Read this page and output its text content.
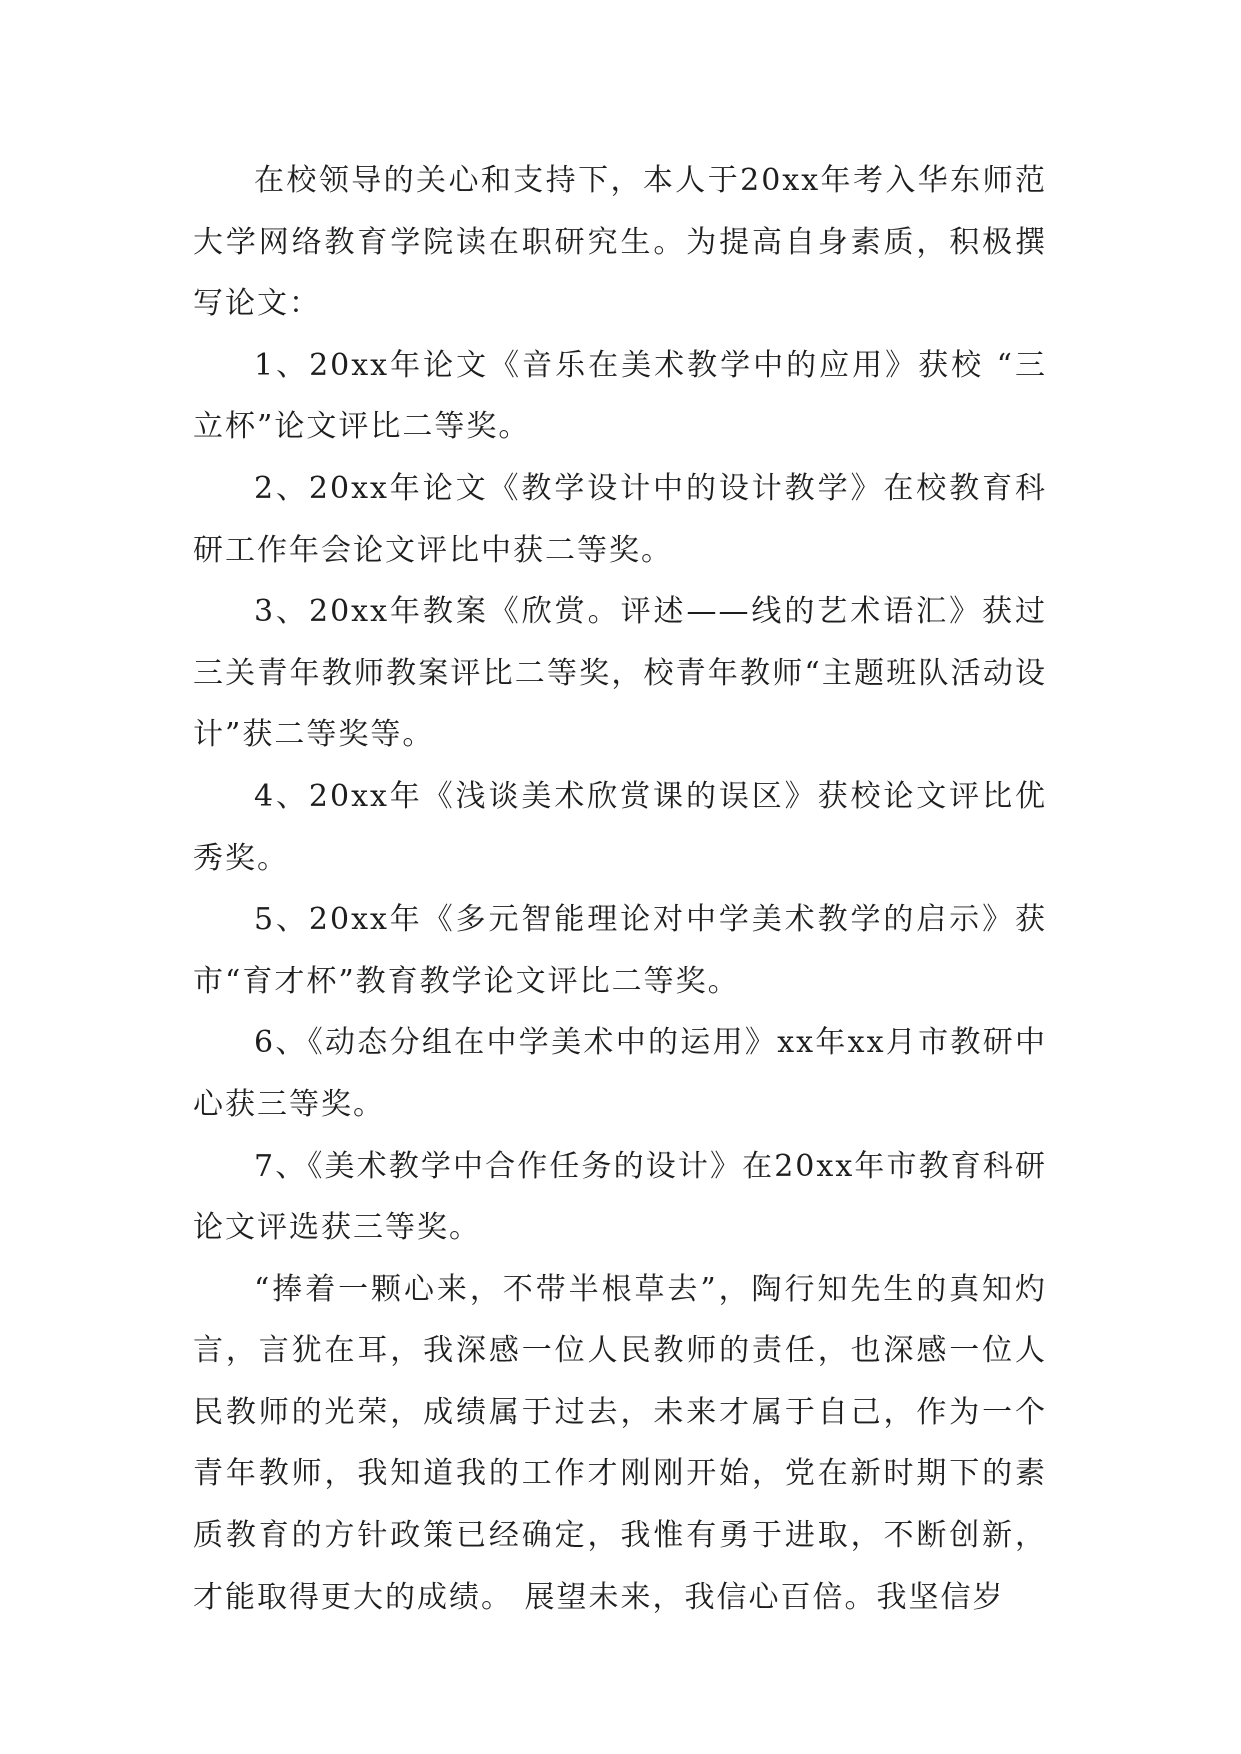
在校领导的关心和支持下，本人于20xx年考入华东师范大学网络教育学院读在职研究生。为提高自身素质，积极撰写论文：

1、20xx年论文《音乐在美术教学中的应用》获校 “三立杯”论文评比二等奖。

2、20xx年论文《教学设计中的设计教学》在校教育科研工作年会论文评比中获二等奖。

3、20xx年教案《欣赏。评述——线的艺术语汇》获过三关青年教师教案评比二等奖，校青年教师“主题班队活动设计”获二等奖等。

4、20xx年《浅谈美术欣赏课的误区》获校论文评比优秀奖。

5、20xx年《多元智能理论对中学美术教学的启示》获市“育才杯”教育教学论文评比二等奖。

6、《动态分组在中学美术中的运用》xx年xx月市教研中心获三等奖。

7、《美术教学中合作任务的设计》在20xx年市教育科研论文评选获三等奖。

“捧着一颗心来，不带半根草去”，陶行知先生的真知灼言，言犹在耳，我深感一位人民教师的责任，也深感一位人民教师的光荣，成绩属于过去，未来才属于自己，作为一个青年教师，我知道我的工作才刚刚开始，党在新时期下的素质教育的方针政策已经确定，我惟有勇于进取，不断创新，才能取得更大的成绩。 展望未来，我信心百倍。我坚信岁
